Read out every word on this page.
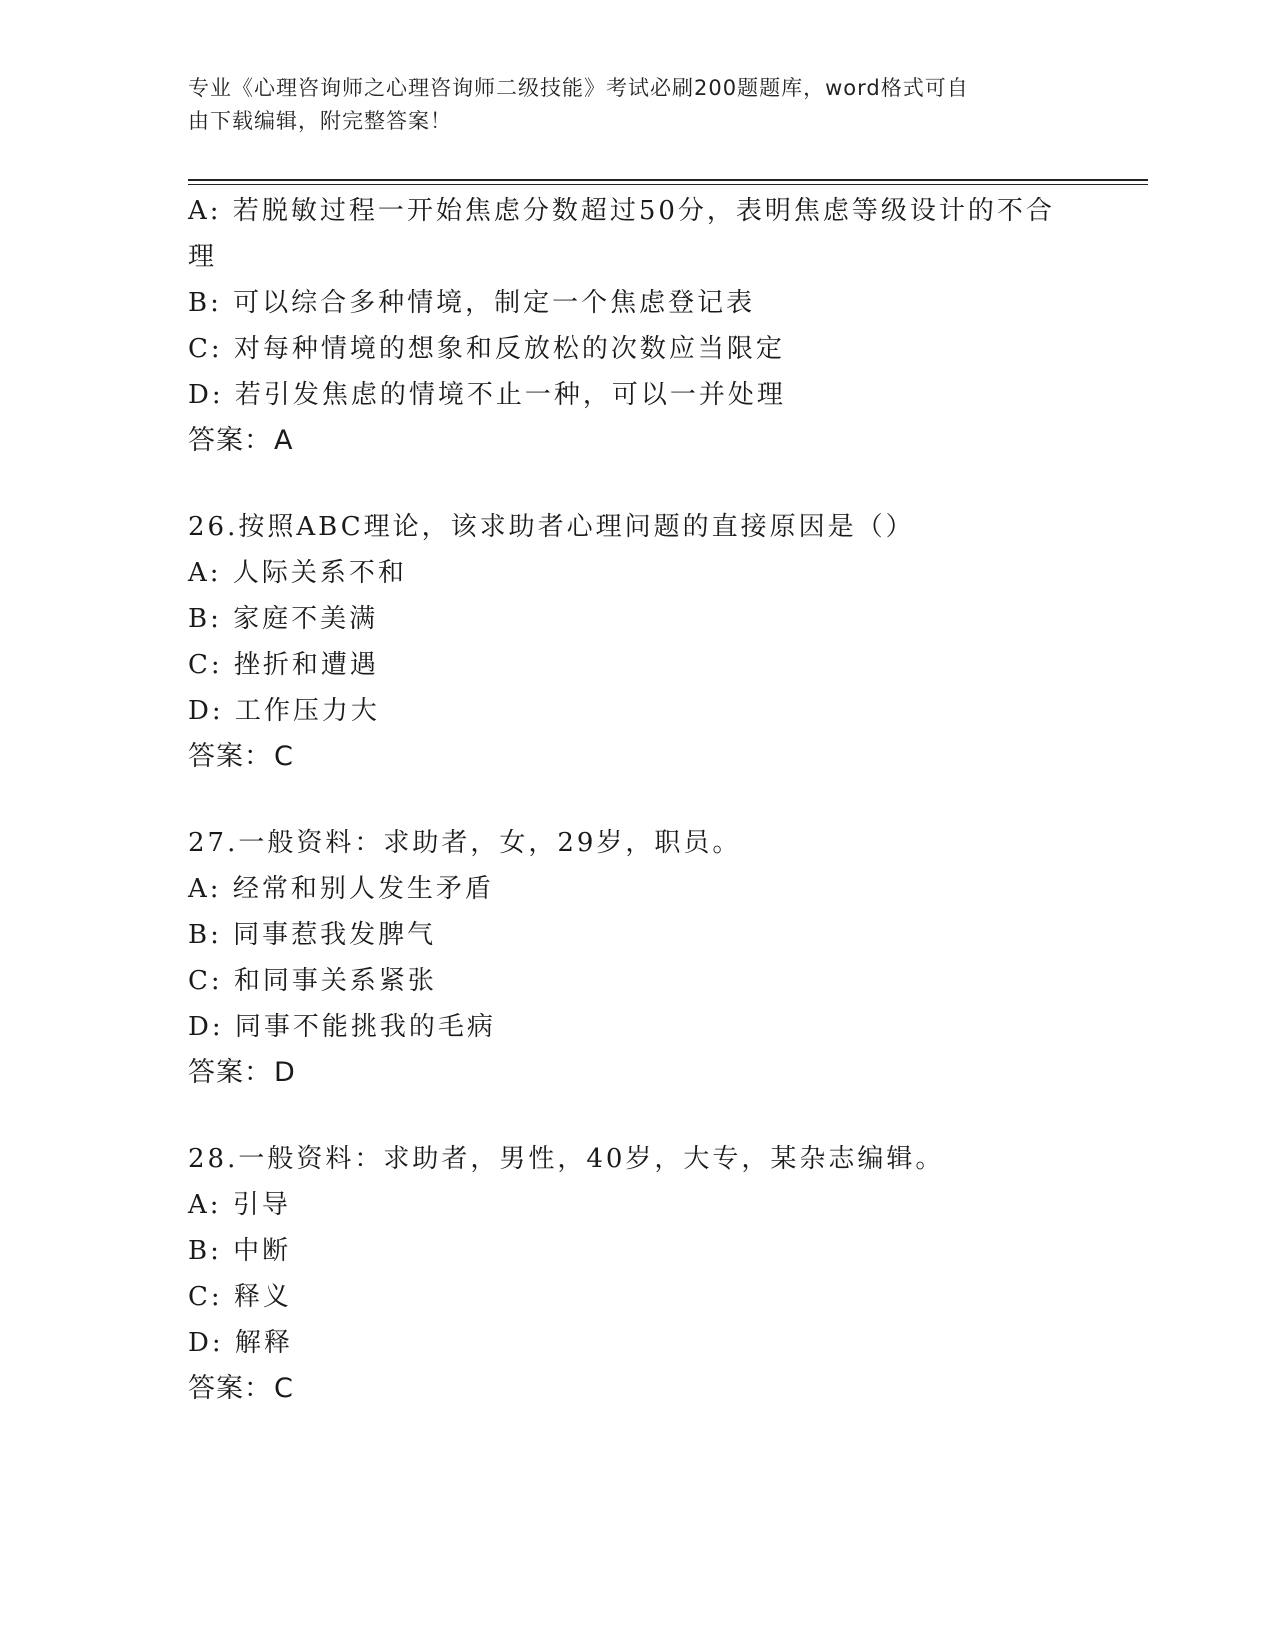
专业《心理咨询师之心理咨询师二级技能》考试必刷200题题库，word格式可自
由下载编辑，附完整答案！
A: 若脱敏过程一开始焦虑分数超过50分，表明焦虑等级设计的不合
理
B: 可以综合多种情境，制定一个焦虑登记表
C: 对每种情境的想象和反放松的次数应当限定
D: 若引发焦虑的情境不止一种，可以一并处理
答案：A
26.按照ABC理论，该求助者心理问题的直接原因是（）
A: 人际关系不和
B: 家庭不美满
C: 挫折和遭遇
D: 工作压力大
答案：C
27.一般资料：求助者，女，29岁，职员。
A: 经常和别人发生矛盾
B: 同事惹我发脾气
C: 和同事关系紧张
D: 同事不能挑我的毛病
答案：D
28.一般资料：求助者，男性，40岁，大专，某杂志编辑。
A: 引导
B: 中断
C: 释义
D: 解释
答案：C
